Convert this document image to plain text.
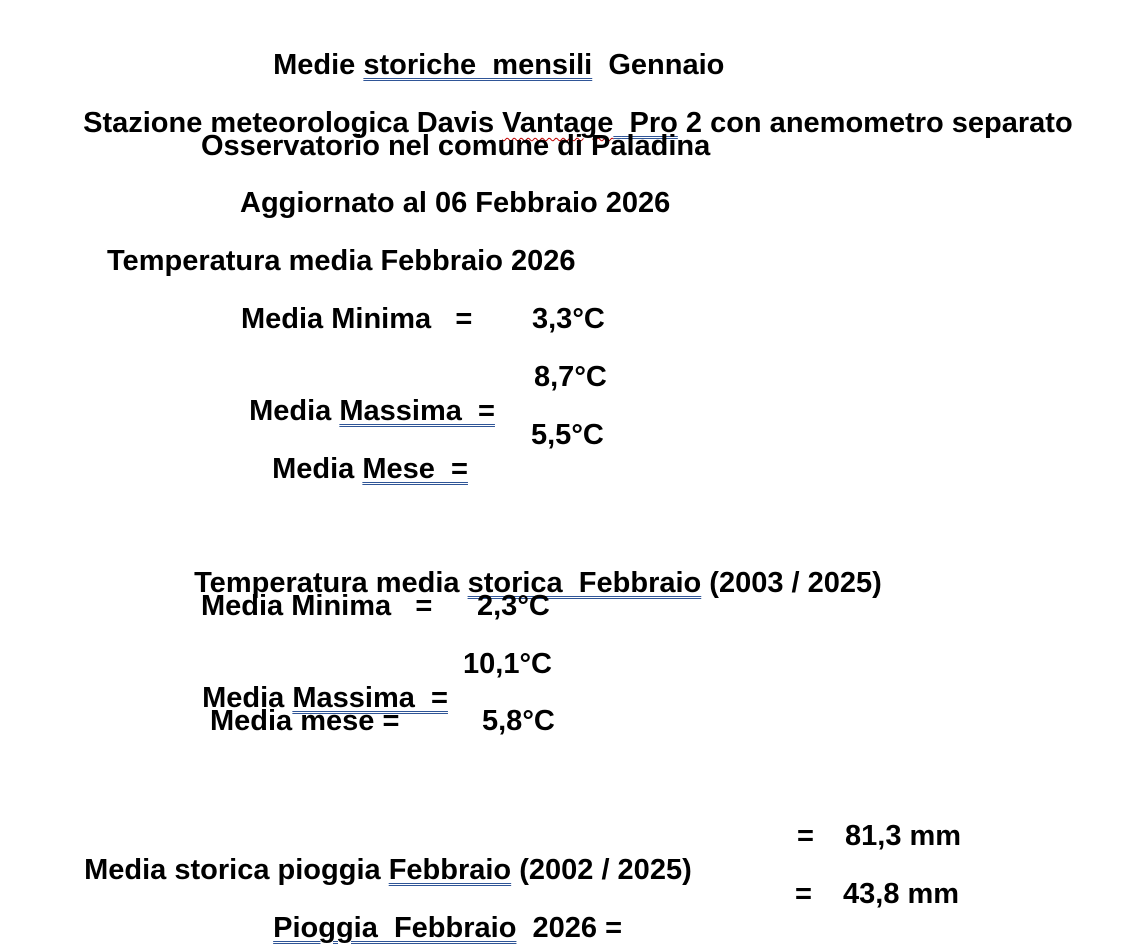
Medie storiche  mensili  Gennaio

Stazione meteorologica Davis Vantage  Pro 2 con anemometro separato

Osservatorio nel comune di Paladina
Aggiornato al 06 Febbraio 2026
Temperatura media Febbraio 2026
Media Minima   = 3,3°C

Media Massima  =

8,7°C

Media Mese  =

5,5°C

Temperatura media storica  Febbraio (2003 / 2025)

Media Minima   = 2,3°C

Media Massima  =

10,1°C
Media mese =	5,8°C

Media storica pioggia Febbraio (2002 / 2025)

= 81,3 mm

Pioggia  Febbraio  2026 =

= 43,8 mm
